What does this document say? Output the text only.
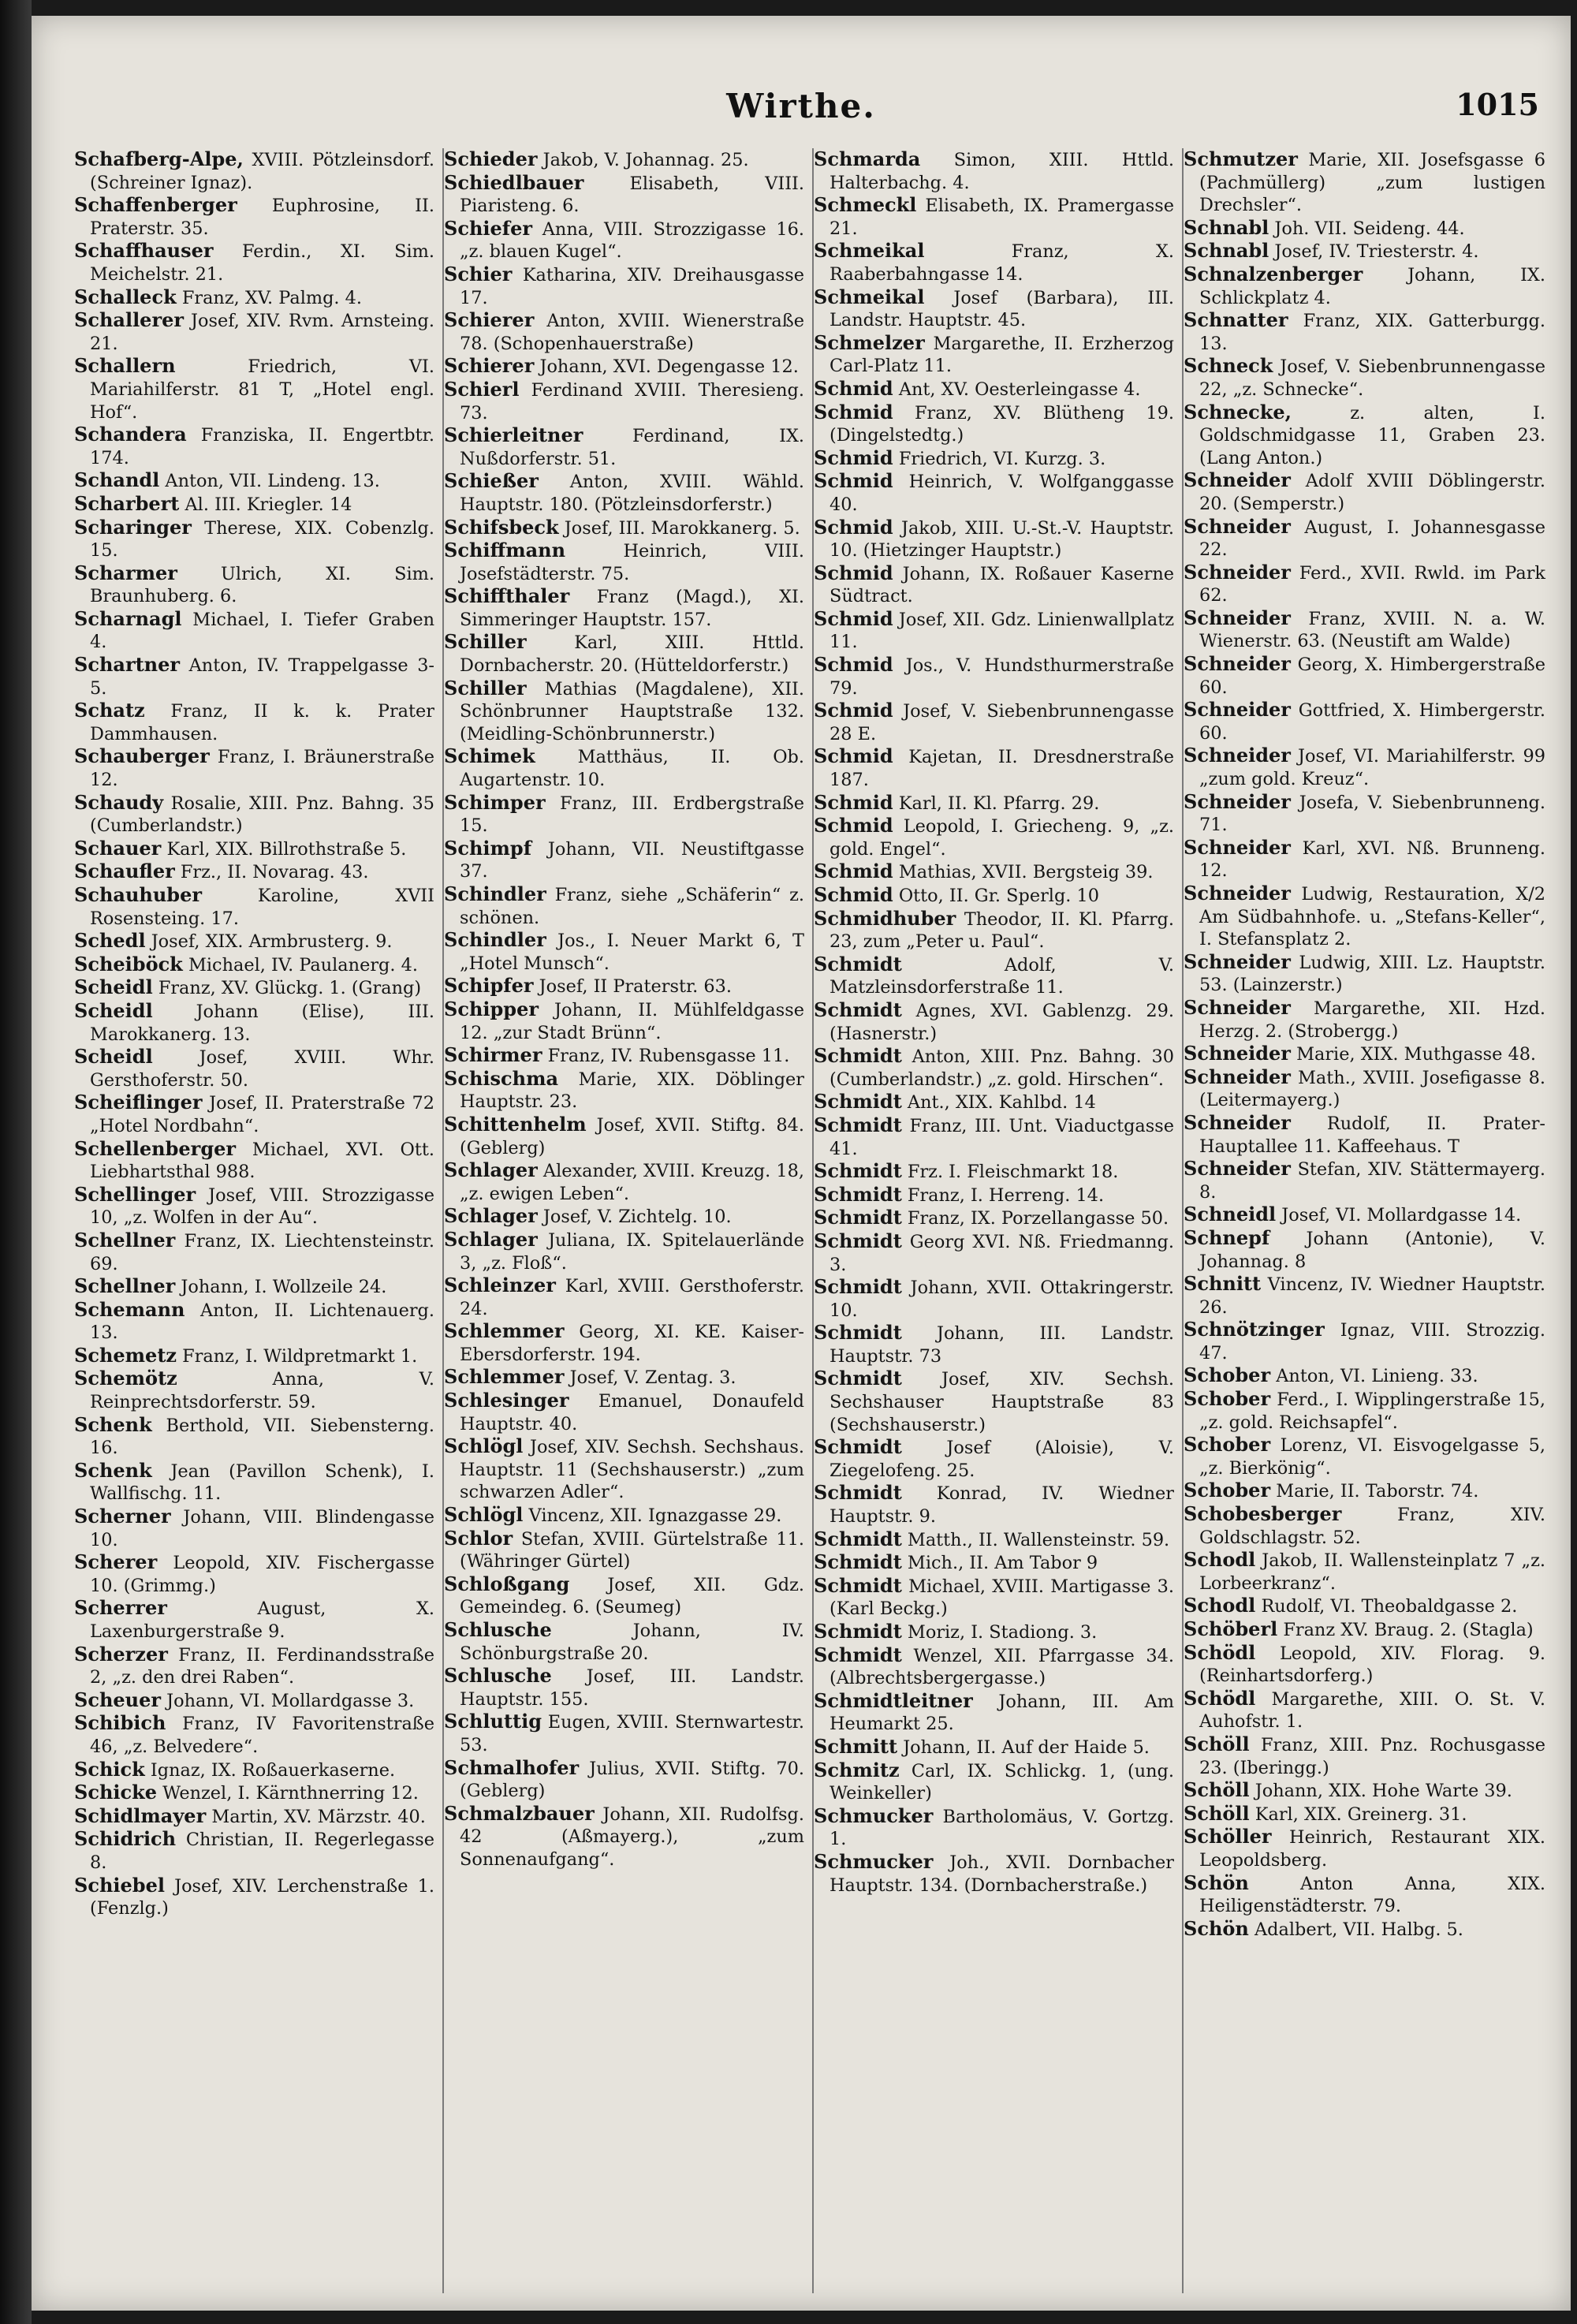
Wirthe.	1015
Schafberg-Alpe, XVIII. Pötzleinsdorf. (Schreiner Ignaz).
Schaffenberger Euphrosine, II. Praterstr. 35.
Schaffhauser Ferdin., XI. Sim. Meichelstr. 21.
Schalleck Franz, XV. Palmg. 4.
Schallerer Josef, XIV. Rvm. Arnsteing. 21.
Schallern	Friedrich, VI. Mariahilferstr. 81 T, „Hotel engl. Hof“.
Schandera Franziska, II. Engertbtr. 174.
Schandl Anton, VII. Lindeng. 13.
Scharbert Al. III. Kriegler. 14
Scharinger Therese, XIX. Cobenzlg. 15.
Scharmer Ulrich, XI. Sim. Braunhuberg. 6.
Scharnagl Michael, I. Tiefer Graben 4.
Schartner Anton, IV. Trappelgasse 3-5.
Schatz Franz, II k. k. Prater Dammhausen.
Schauberger Franz, I. Bräunerstraße 12.
Schaudy Rosalie, XIII. Pnz. Bahng. 35 (Cumberlandstr.)
Schauer Karl, XIX. Billrothstraße 5.
Schaufler Frz., II. Novarag. 43.
Schauhuber	Karoline, XVII Rosensteing. 17.
Schedl Josef, XIX. Armbrusterg. 9.
Scheiböck Michael, IV. Paulanerg. 4.
Scheidl Franz, XV. Glückg. 1. (Grang)
Scheidl Johann (Elise), III. Marokkanerg. 13.
Scheidl	Josef, XVIII. Whr. Gersthoferstr. 50.
Scheiflinger Josef, II. Praterstraße 72 „Hotel Nordbahn“.
Schellenberger Michael, XVI. Ott. Liebhartsthal 988.
Schellinger Josef, VIII. Strozzigasse 10, „z. Wolfen in der Au“.
Schellner Franz, IX. Liechtensteinstr. 69.
Schellner Johann, I. Wollzeile 24.
Schemann Anton, II. Lichtenauerg. 13.
Schemetz Franz, I. Wildpretmarkt 1.
Schemötz	Anna, V. Reinprechtsdorferstr. 59.
Schenk Berthold, VII. Siebensterng. 16.
Schenk Jean (Pavillon Schenk), I. Wallfischg. 11.
Scherner Johann, VIII. Blindengasse 10.
Scherer Leopold, XIV. Fischergasse 10. (Grimmg.)
Scherrer	August, X. Laxenburgerstraße 9.
Scherzer Franz, II. Ferdinandsstraße 2, „z. den drei Raben“.
Scheuer Johann, VI. Mollardgasse 3.
Schibich Franz, IV Favoritenstraße 46, „z. Belvedere“.
Schick Ignaz, IX. Roßauerkaserne.
Schicke Wenzel, I. Kärnthnerring 12.
Schidlmayer Martin, XV. Märzstr. 40.
Schidrich Christian, II. Regerlegasse 8.
Schiebel Josef, XIV. Lerchenstraße 1. (Fenzlg.)
Schieder Jakob, V. Johannag. 25.
Schiedlbauer	Elisabeth, VIII. Piaristeng. 6.
Schiefer Anna, VIII. Strozzigasse 16. „z. blauen Kugel“.
Schier Katharina, XIV. Dreihausgasse 17.
Schierer Anton, XVIII. Wienerstraße 78. (Schopenhauerstraße)
Schierer Johann, XVI. Degengasse 12.
Schierl Ferdinand XVIII. Theresieng. 73.
Schierleitner	Ferdinand, IX. Nußdorferstr. 51.
Schießer Anton, XVIII. Wähld. Hauptstr. 180. (Pötzleinsdorferstr.)
Schifsbeck Josef, III. Marokkanerg. 5.
Schiffmann	Heinrich, VIII. Josefstädterstr. 75.
Schiffthaler Franz (Magd.), XI. Simmeringer Hauptstr. 157.
Schiller	Karl, XIII. Httld. Dornbacherstr. 20. (Hütteldorferstr.)
Schiller Mathias (Magdalene), XII. Schönbrunner Hauptstraße 132. (Meidling-Schönbrunnerstr.)
Schimek Matthäus, II. Ob. Augartenstr. 10.
Schimper Franz, III. Erdbergstraße 15.
Schimpf Johann, VII. Neustiftgasse 37.
Schindler Franz, siehe „Schäferin“ z. schönen.
Schindler Jos., I. Neuer Markt 6, T „Hotel Munsch“.
Schipfer Josef, II Praterstr. 63.
Schipper Johann, II. Mühlfeldgasse 12. „zur Stadt Brünn“.
Schirmer Franz, IV. Rubensgasse 11.
Schischma Marie, XIX. Döblinger Hauptstr. 23.
Schittenhelm Josef, XVII. Stiftg. 84. (Geblerg)
Schlager Alexander, XVIII. Kreuzg. 18, „z. ewigen Leben“.
Schlager Josef, V. Zichtelg. 10.
Schlager Juliana, IX. Spitelauerlände 3, „z. Floß“.
Schleinzer Karl, XVIII. Gersthoferstr. 24.
Schlemmer Georg, XI. KE. Kaiser-Ebersdorferstr. 194.
Schlemmer Josef, V. Zentag. 3.
Schlesinger Emanuel, Donaufeld Hauptstr. 40.
Schlögl Josef, XIV. Sechsh. Sechshaus. Hauptstr. 11 (Sechshauserstr.) „zum schwarzen Adler“.
Schlögl Vincenz, XII. Ignazgasse 29.
Schlor Stefan, XVIII. Gürtelstraße 11. (Währinger Gürtel)
Schloßgang Josef, XII. Gdz. Gemeindeg. 6. (Seumeg)
Schlusche	Johann, IV. Schönburgstraße 20.
Schlusche Josef, III. Landstr. Hauptstr. 155.
Schluttig Eugen, XVIII. Sternwartestr. 53.
Schmalhofer Julius, XVII. Stiftg. 70. (Geblerg)
Schmalzbauer Johann, XII. Rudolfsg. 42 (Aßmayerg.), „zum Sonnenaufgang“.
Schmarda Simon, XIII. Httld. Halterbachg. 4.
Schmeckl Elisabeth, IX. Pramergasse 21.
Schmeikal	Franz, X. Raaberbahngasse 14.
Schmeikal Josef (Barbara), III. Landstr. Hauptstr. 45.
Schmelzer Margarethe, II. Erzherzog Carl-Platz 11.
Schmid Ant, XV. Oesterleingasse 4.
Schmid Franz, XV. Blütheng 19. (Dingelstedtg.)
Schmid Friedrich, VI. Kurzg. 3.
Schmid Heinrich, V. Wolfganggasse 40.
Schmid Jakob, XIII. U.-St.-V. Hauptstr. 10. (Hietzinger Hauptstr.)
Schmid Johann, IX. Roßauer Kaserne Südtract.
Schmid Josef, XII. Gdz. Linienwallplatz 11.
Schmid Jos., V. Hundsthurmerstraße 79.
Schmid Josef, V. Siebenbrunnengasse 28 E.
Schmid Kajetan, II. Dresdnerstraße 187.
Schmid Karl, II. Kl. Pfarrg. 29.
Schmid Leopold, I. Griecheng. 9, „z. gold. Engel“.
Schmid Mathias, XVII. Bergsteig 39.
Schmid Otto, II. Gr. Sperlg. 10
Schmidhuber Theodor, II. Kl. Pfarrg. 23, zum „Peter u. Paul“.
Schmidt	Adolf, V. Matzleinsdorferstraße 11.
Schmidt Agnes, XVI. Gablenzg. 29. (Hasnerstr.)
Schmidt Anton, XIII. Pnz. Bahng. 30 (Cumberlandstr.) „z. gold. Hirschen“.
Schmidt Ant., XIX. Kahlbd. 14
Schmidt Franz, III. Unt. Viaductgasse 41.
Schmidt Frz. I. Fleischmarkt 18.
Schmidt Franz, I. Herreng. 14.
Schmidt Franz, IX. Porzellangasse 50.
Schmidt Georg XVI. Nß. Friedmanng. 3.
Schmidt Johann, XVII. Ottakringerstr. 10.
Schmidt Johann, III. Landstr. Hauptstr. 73
Schmidt Josef, XIV. Sechsh. Sechshauser Hauptstraße 83 (Sechshauserstr.)
Schmidt	Josef (Aloisie), V. Ziegelofeng. 25.
Schmidt Konrad, IV. Wiedner Hauptstr. 9.
Schmidt Matth., II. Wallensteinstr. 59.
Schmidt Mich., II. Am Tabor 9
Schmidt Michael, XVIII. Martigasse 3. (Karl Beckg.)
Schmidt Moriz, I. Stadiong. 3.
Schmidt Wenzel, XII. Pfarrgasse 34. (Albrechtsbergergasse.)
Schmidtleitner Johann, III. Am Heumarkt 25.
Schmitt Johann, II. Auf der Haide 5.
Schmitz Carl, IX. Schlickg. 1, (ung. Weinkeller)
Schmucker Bartholomäus, V. Gortzg. 1.
Schmucker Joh., XVII. Dornbacher Hauptstr. 134. (Dornbacherstraße.)
Schmutzer Marie, XII. Josefsgasse 6 (Pachmüllerg) „zum lustigen Drechsler“.
Schnabl Joh. VII. Seideng. 44.
Schnabl Josef, IV. Triesterstr. 4.
Schnalzenberger	Johann, IX. Schlickplatz 4.
Schnatter Franz, XIX. Gatterburgg. 13.
Schneck Josef, V. Siebenbrunnengasse 22, „z. Schnecke“.
Schnecke,	z. alten, I. Goldschmidgasse 11, Graben 23. (Lang Anton.)
Schneider Adolf XVIII Döblingerstr. 20. (Semperstr.)
Schneider August, I. Johannesgasse 22.
Schneider Ferd., XVII. Rwld. im Park 62.
Schneider Franz, XVIII. N. a. W. Wienerstr. 63. (Neustift am Walde)
Schneider Georg, X. Himbergerstraße 60.
Schneider Gottfried, X. Himbergerstr. 60.
Schneider Josef, VI. Mariahilferstr. 99 „zum gold. Kreuz“.
Schneider Josefa, V. Siebenbrunneng. 71.
Schneider Karl, XVI. Nß. Brunneng. 12.
Schneider Ludwig, Restauration, X/2 Am Südbahnhofe. u. „Stefans-Keller“, I. Stefansplatz 2.
Schneider Ludwig, XIII. Lz. Hauptstr. 53. (Lainzerstr.)
Schneider Margarethe, XII. Hzd. Herzg. 2. (Strobergg.)
Schneider Marie, XIX. Muthgasse 48.
Schneider Math., XVIII. Josefigasse 8. (Leitermayerg.)
Schneider Rudolf, II. Prater-Hauptallee 11. Kaffeehaus. T
Schneider Stefan, XIV. Stättermayerg. 8.
Schneidl Josef, VI. Mollardgasse 14.
Schnepf Johann (Antonie), V. Johannag. 8
Schnitt Vincenz, IV. Wiedner Hauptstr. 26.
Schnötzinger Ignaz, VIII. Strozzig. 47.
Schober Anton, VI. Linieng. 33.
Schober Ferd., I. Wipplingerstraße 15, „z. gold. Reichsapfel“.
Schober Lorenz, VI. Eisvogelgasse 5, „z. Bierkönig“.
Schober Marie, II. Taborstr. 74.
Schobesberger	Franz, XIV. Goldschlagstr. 52.
Schodl Jakob, II. Wallensteinplatz 7 „z. Lorbeerkranz“.
Schodl Rudolf, VI. Theobaldgasse 2.
Schöberl Franz XV. Braug. 2. (Stagla)
Schödl Leopold, XIV. Florag. 9. (Reinhartsdorferg.)
Schödl Margarethe, XIII. O. St. V. Auhofstr. 1.
Schöll Franz, XIII. Pnz. Rochusgasse 23. (Iberingg.)
Schöll Johann, XIX. Hohe Warte 39.
Schöll Karl, XIX. Greinerg. 31.
Schöller Heinrich, Restaurant XIX. Leopoldsberg.
Schön	Anton Anna, XIX. Heiligenstädterstr. 79.
Schön Adalbert, VII. Halbg. 5.
